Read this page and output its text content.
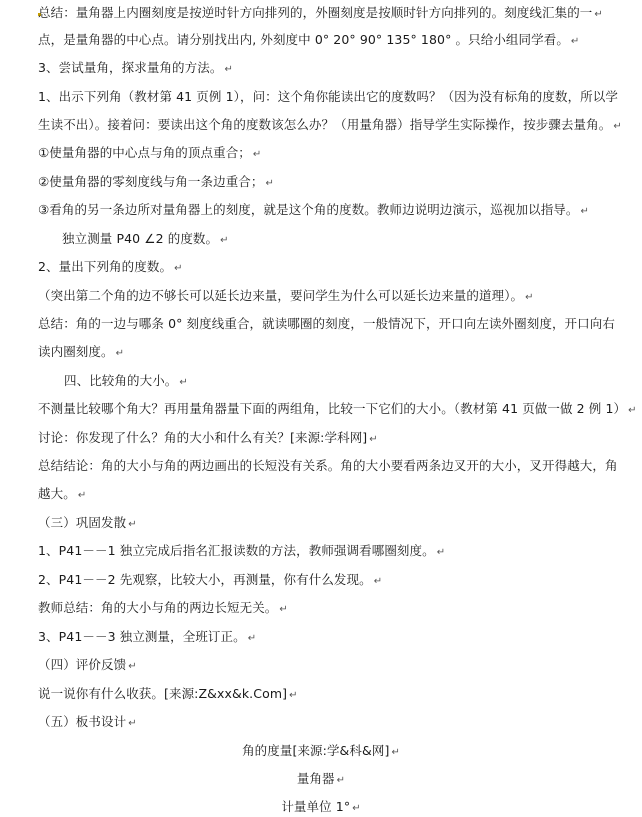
总结：量角器上内圈刻度是按逆时针方向排列的，外圈刻度是按顺时针方向排列的。刻度线汇集的一 ↵
点，是量角器的中心点。请分别找出内, 外刻度中 0° 20° 90° 135° 180° 。只给小组同学看。 ↵
3、尝试量角，探求量角的方法。 ↵
1、出示下列角（教材第 41 页例 1），问：这个角你能读出它的度数吗？（因为没有标角的度数，所以学
生读不出）。接着问：要读出这个角的度数该怎么办？（用量角器）指导学生实际操作，按步骤去量角。 ↵
①使量角器的中心点与角的顶点重合； ↵
②使量角器的零刻度线与角一条边重合； ↵
③看角的另一条边所对量角器上的刻度，就是这个角的度数。教师边说明边演示，巡视加以指导。 ↵
独立测量 P40 ∠2 的度数。 ↵
2、量出下列角的度数。 ↵
（突出第二个角的边不够长可以延长边来量，要问学生为什么可以延长边来量的道理）。 ↵
总结：角的一边与哪条 0° 刻度线重合，就读哪圈的刻度，一般情况下，开口向左读外圈刻度，开口向右
读内圈刻度。 ↵
四、比较角的大小。 ↵
不测量比较哪个角大？再用量角器量下面的两组角，比较一下它们的大小。（教材第 41 页做一做 2 例 1） ↵
讨论：你发现了什么？角的大小和什么有关？[来源:学科网] ↵
总结结论：角的大小与角的两边画出的长短没有关系。角的大小要看两条边叉开的大小，叉开得越大，角
越大。 ↵
（三）巩固发散 ↵
1、P41－－1 独立完成后指名汇报读数的方法，教师强调看哪圈刻度。 ↵
2、P41－－2 先观察，比较大小，再测量，你有什么发现。 ↵
教师总结：角的大小与角的两边长短无关。 ↵
3、P41－－3 独立测量，全班订正。 ↵
（四）评价反馈 ↵
说一说你有什么收获。[来源:Z&xx&k.Com] ↵
（五）板书设计 ↵
角的度量[来源:学&科&网] ↵
量角器 ↵
计量单位 1° ↵
